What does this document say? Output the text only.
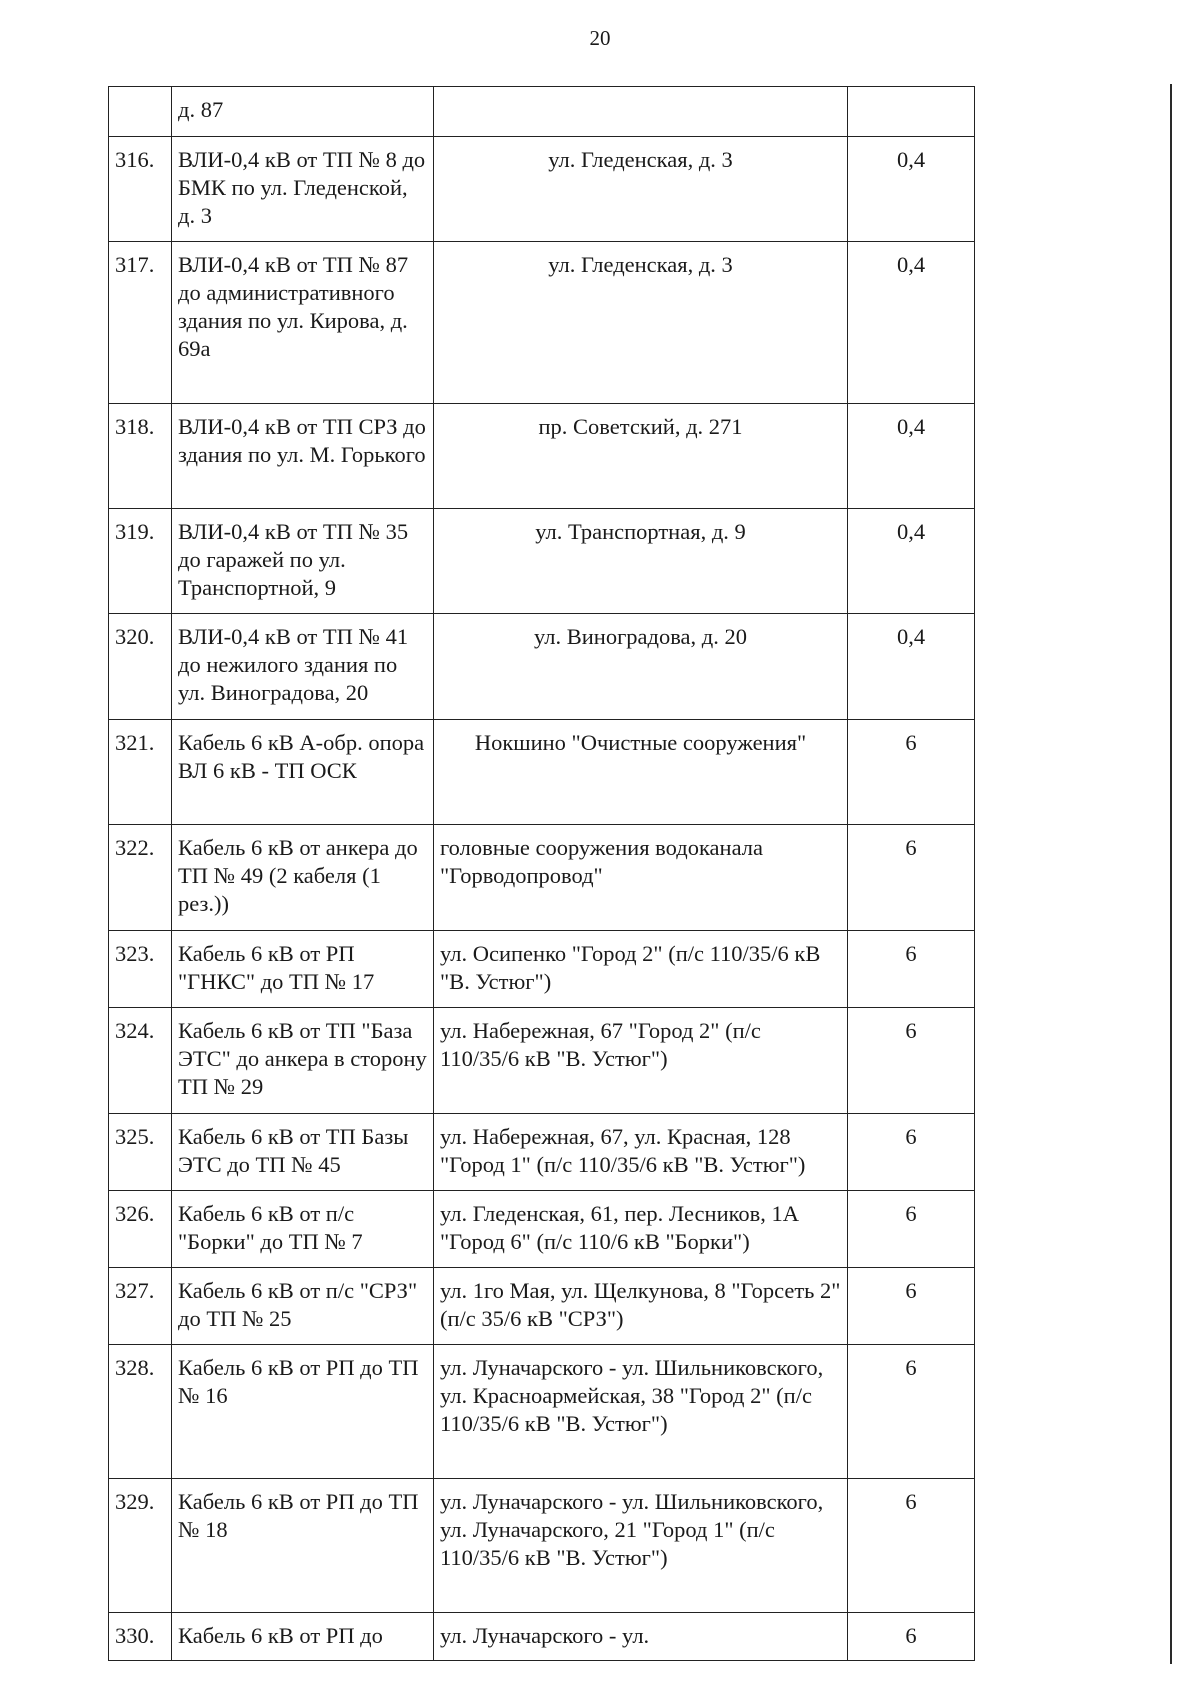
20
	д. 87		
316.	ВЛИ-0,4 кВ от ТП № 8 до БМК по ул. Гледенской, д. 3	ул. Гледенская, д. 3	0,4
317.	ВЛИ-0,4 кВ от ТП № 87 до административного здания по ул. Кирова, д. 69а	ул. Гледенская, д. 3	0,4
318.	ВЛИ-0,4 кВ от ТП СРЗ до здания по ул. М. Горького	пр. Советский, д. 271	0,4
319.	ВЛИ-0,4 кВ от ТП № 35 до гаражей по ул. Транспортной, 9	ул. Транспортная, д. 9	0,4
320.	ВЛИ-0,4 кВ от ТП № 41 до нежилого здания по ул. Виноградова, 20	ул. Виноградова, д. 20	0,4
321.	Кабель 6 кВ А-обр. опора ВЛ 6 кВ - ТП ОСК	Нокшино "Очистные сооружения"	6
322.	Кабель 6 кВ от анкера до ТП № 49 (2 кабеля (1 рез.))	головные сооружения водоканала "Горводопровод"	6
323.	Кабель 6 кВ от РП "ГНКС" до ТП № 17	ул. Осипенко "Город 2" (п/с 110/35/6 кВ "В. Устюг")	6
324.	Кабель 6 кВ от ТП "База ЭТС" до анкера в сторону ТП № 29	ул. Набережная, 67 "Город 2" (п/с 110/35/6 кВ "В. Устюг")	6
325.	Кабель 6 кВ от ТП Базы ЭТС до ТП № 45	ул. Набережная, 67, ул. Красная, 128 "Город 1" (п/с 110/35/6 кВ "В. Устюг")	6
326.	Кабель 6 кВ от п/с "Борки" до ТП № 7	ул. Гледенская, 61, пер. Лесников, 1А "Город 6" (п/с 110/6 кВ "Борки")	6
327.	Кабель 6 кВ от п/с "СРЗ" до ТП № 25	ул. 1го Мая, ул. Щелкунова, 8 "Горсеть 2" (п/с 35/6 кВ "СРЗ")	6
328.	Кабель 6 кВ от РП до ТП № 16	ул. Луначарского - ул. Шильниковского, ул. Красноармейская, 38 "Город 2" (п/с 110/35/6 кВ "В. Устюг")	6
329.	Кабель 6 кВ от РП до ТП № 18	ул. Луначарского - ул. Шильниковского, ул. Луначарского, 21 "Город 1" (п/с 110/35/6 кВ "В. Устюг")	6
330.	Кабель 6 кВ от РП до	ул. Луначарского - ул.	6
